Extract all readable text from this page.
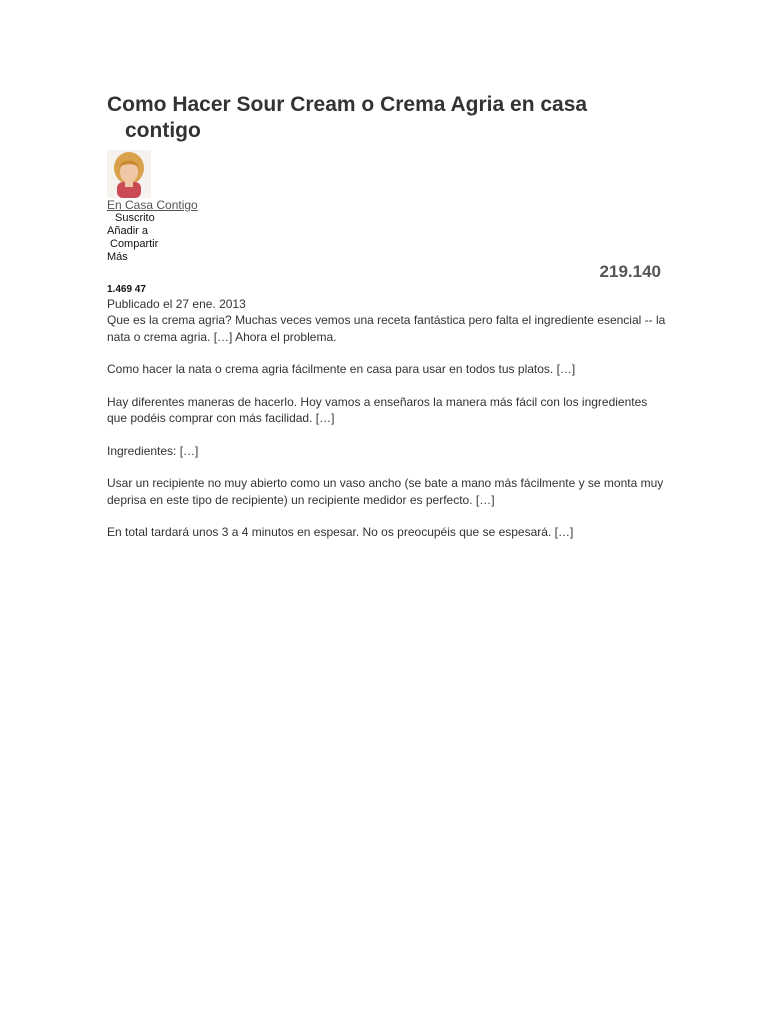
Como Hacer Sour Cream o Crema Agria en casa contigo
En Casa Contigo
Suscrito
Añadir a
Compartir
Más
219.140
1.469 47
Publicado el 27 ene. 2013

Que es la crema agria? Muchas veces vemos una receta fantástica pero falta el ingrediente esencial -- la nata o crema agria. […] Ahora el problema.

Como hacer la nata o crema agria fácilmente en casa para usar en todos tus platos. […]

Hay diferentes maneras de hacerlo. Hoy vamos a enseñaros la manera más fácil con los ingredientes que podéis comprar con más facilidad. […]

Ingredientes: […]

Usar un recipiente no muy abierto como un vaso ancho (se bate a mano más fácilmente y se monta muy deprisa en este tipo de recipiente) un recipiente medidor es perfecto. […]

En total tardará unos 3 a 4 minutos en espesar. No os preocupéis que se espesará. […]
